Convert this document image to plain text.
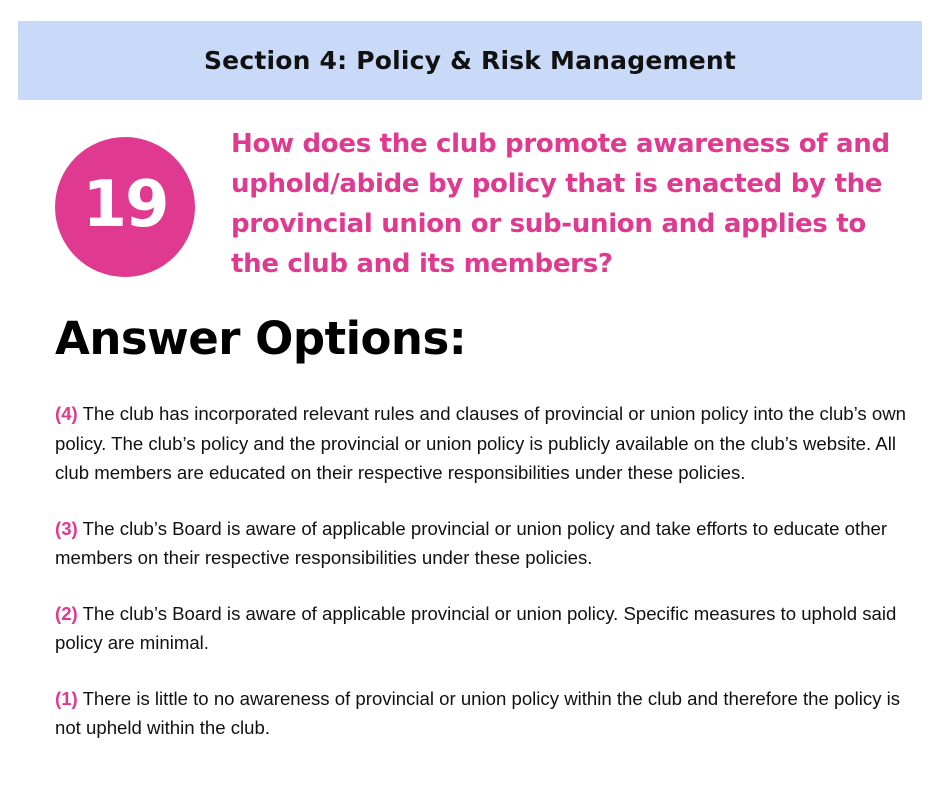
Section 4: Policy & Risk Management
19
How does the club promote awareness of and uphold/abide by policy that is enacted by the provincial union or sub-union and applies to the club and its members?
Answer Options:

(4) The club has incorporated relevant rules and clauses of provincial or union policy into the club’s own policy. The club’s policy and the provincial or union policy is publicly available on the club’s website. All club members are educated on their respective responsibilities under these policies.

(3) The club’s Board is aware of applicable provincial or union policy and take efforts to educate other members on their respective responsibilities under these policies.

(2) The club’s Board is aware of applicable provincial or union policy. Specific measures to uphold said policy are minimal.

(1) There is little to no awareness of provincial or union policy within the club and therefore the policy is not upheld within the club.
